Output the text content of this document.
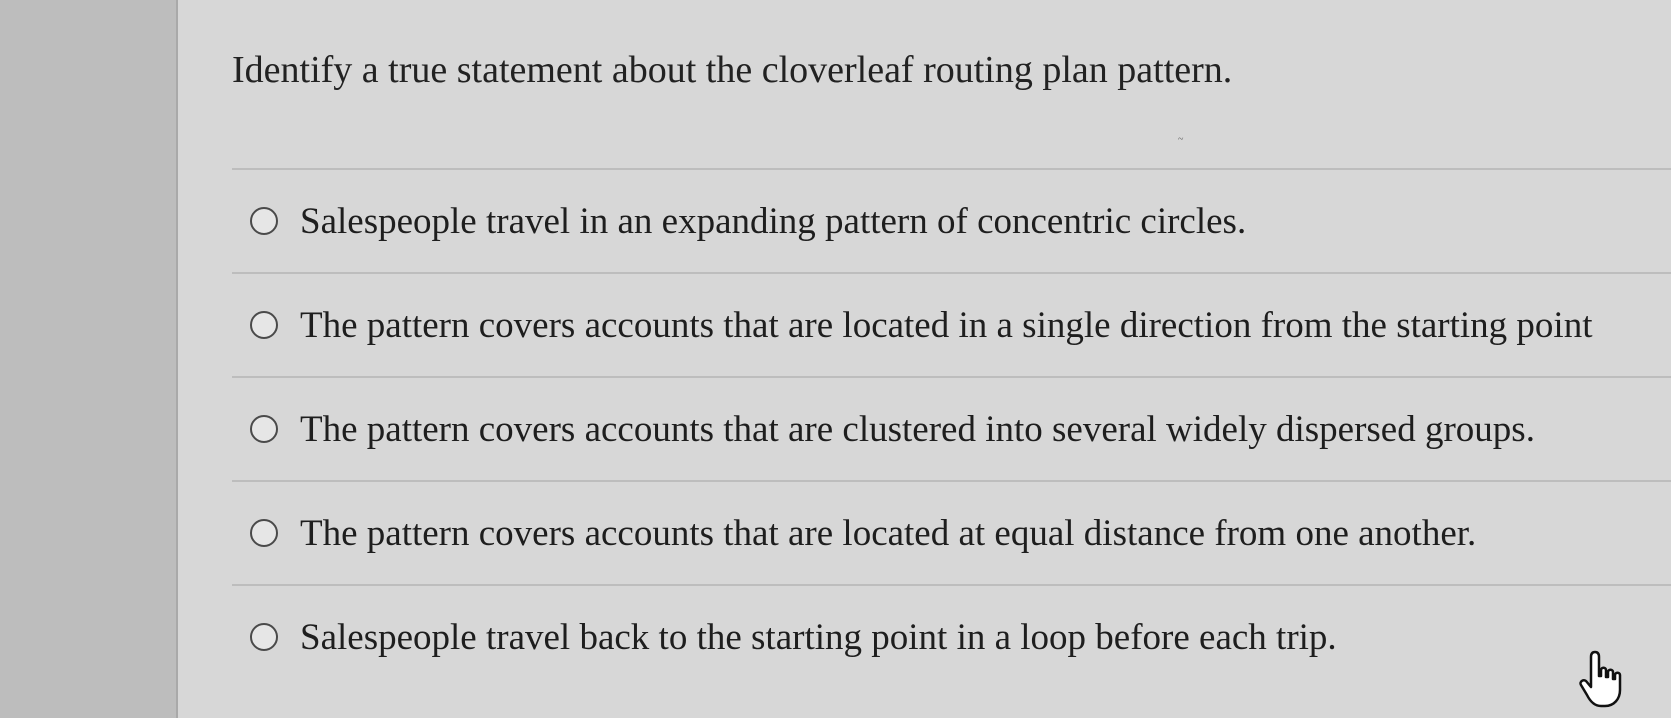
Identify a true statement about the cloverleaf routing plan pattern.
Salespeople travel in an expanding pattern of concentric circles.
The pattern covers accounts that are located in a single direction from the starting point
The pattern covers accounts that are clustered into several widely dispersed groups.
The pattern covers accounts that are located at equal distance from one another.
Salespeople travel back to the starting point in a loop before each trip.
